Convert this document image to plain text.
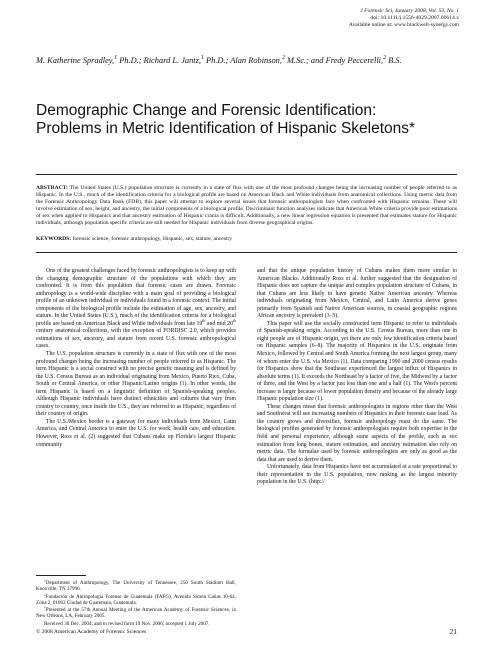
J Forensic Sci, January 2008, Vol. 53, No. 1
doi: 10.1111/j.1556-4029.2007.00614.x
Available online at: www.blackwell-synergy.com
M. Katherine Spradley,$^1$ Ph.D.; Richard L. Jantz,$^1$ Ph.D.; Alan Robinson,$^2$ M.Sc.; and Fredy Peccerelli,$^2$ B.S.
Demographic Change and Forensic Identification: Problems in Metric Identification of Hispanic Skeletons*
ABSTRACT: The United States (U.S.) population structure is currently in a state of flux with one of the most profound changes being the increasing number of people referred to as Hispanic. In the U.S., much of the identification criteria for a biological profile are based on American Black and White individuals from anatomical collections. Using metric data from the Forensic Anthropology Data Bank (FDB), this paper will attempt to explore several issues that forensic anthropologists face when confronted with Hispanic remains. These will involve estimation of sex, height, and ancestry, the initial components of a biological profile. Discriminant function analyses indicate that American White criteria provide poor estimations of sex when applied to Hispanics and that ancestry estimation of Hispanic crania is difficult. Additionally, a new linear regression equation is presented that estimates stature for Hispanic individuals, although population specific criteria are still needed for Hispanic individuals from diverse geographical origins.
KEYWORDS: forensic science, forensic anthropology, Hispanic, sex, stature, ancestry

One of the greatest challenges faced by forensic anthropologists is to keep up with the changing demographic structure of the populations with which they are confronted. It is from this population that forensic cases are drawn. Forensic anthropology is a world-wide discipline with a main goal of providing a biological profile of an unknown individual or individuals found in a forensic context. The initial components of the biological profile include the estimation of age, sex, ancestry, and stature. In the United States (U.S.), much of the identification criteria for a biological profile are based on American Black and White individuals from late 19th and mid 20th century anatomical collections, with the exception of FORDISC 2.0, which provides estimations of sex, ancestry, and stature from recent U.S. forensic anthropological cases.

The U.S. population structure is currently in a state of flux with one of the most profound changes being the increasing number of people referred to as Hispanic. The term Hispanic is a social construct with no precise genetic meaning and is defined by the U.S. Census Bureau as an individual originating from Mexico, Puerto Rico, Cuba, South or Central America, or other Hispanic/Latino origins (1). In other words, the term Hispanic is based on a linguistic definition of Spanish-speaking peoples. Although Hispanic individuals have distinct ethnicities and cultures that vary from country to country, once inside the U.S., they are referred to as Hispanic, regardless of their country of origin.

The U.S./Mexico border is a gateway for many individuals from Mexico, Latin America, and Central America to enter the U.S. for work, health care, and education. However, Ross et al. (2) suggested that Cubans make up Florida's largest Hispanic community

$^1$Department of Anthropology, The University of Tennessee, 250 South Stadium Hall, Knoxville, TN 37996.

$^2$Fundación de Antropología Forense de Guatemala (FAFG), Avenida Simón Cañas 10-64, Zona 2, 01002 Ciudad de Guatemala, Guatemala.

*Presented at the 57th Annual Meeting of the American Academy of Forensic Sciences, in New Orleans, LA, February 2005.

Received 30 Dec. 2004; and in revised form 19 Nov. 2006; accepted 1 July 2007.

and that the unique population history of Cubans makes them more similar to American Blacks. Additionally Ross et al. further suggested that the designation of Hispanic does not capture the unique and complex population structure of Cubans, in that Cubans are less likely to have genetic Native American ancestry. Whereas individuals originating from Mexico, Central, and Latin America derive genes primarily from Spanish and Native American sources, in coastal geographic regions African ancestry is prevalent (3–5).

This paper will use the socially constructed term Hispanic to refer to individuals of Spanish-speaking origin. According to the U.S. Census Bureau, more than one in eight people are of Hispanic origin, yet there are only few identification criteria based on Hispanic samples (6–8). The majority of Hispanics in the U.S. originate from Mexico, followed by Central and South America forming the next largest group, many of whom enter the U.S. via Mexico (1). Data comparing 1990 and 2000 census results for Hispanics show that the Southeast experienced the largest influx of Hispanics in absolute terms (1). It exceeds the Northeast by a factor of five, the Midwest by a factor of three, and the West by a factor just less than one and a half (1). The West's percent increase is larger because of lower population density and because of the already large Hispanic population size (1).

These changes mean that forensic anthropologists in regions other than the West and Southwest will see increasing numbers of Hispanics in their forensic case load. As the country grows and diversifies, forensic anthropology must do the same. The biological profiles generated by forensic anthropologists require both expertise in the field and personal experience, although some aspects of the profile, such as sex estimation from long bones, stature estimation, and ancestry estimation also rely on metric data. The formulae used by forensic anthropologists are only as good as the data that are used to derive them.

Unfortunately, data from Hispanics have not accumulated at a rate proportional to their representation in the U.S. population, now ranking as the largest minority population in the U.S. (http://

© 2008 American Academy of Forensic Sciences	21
